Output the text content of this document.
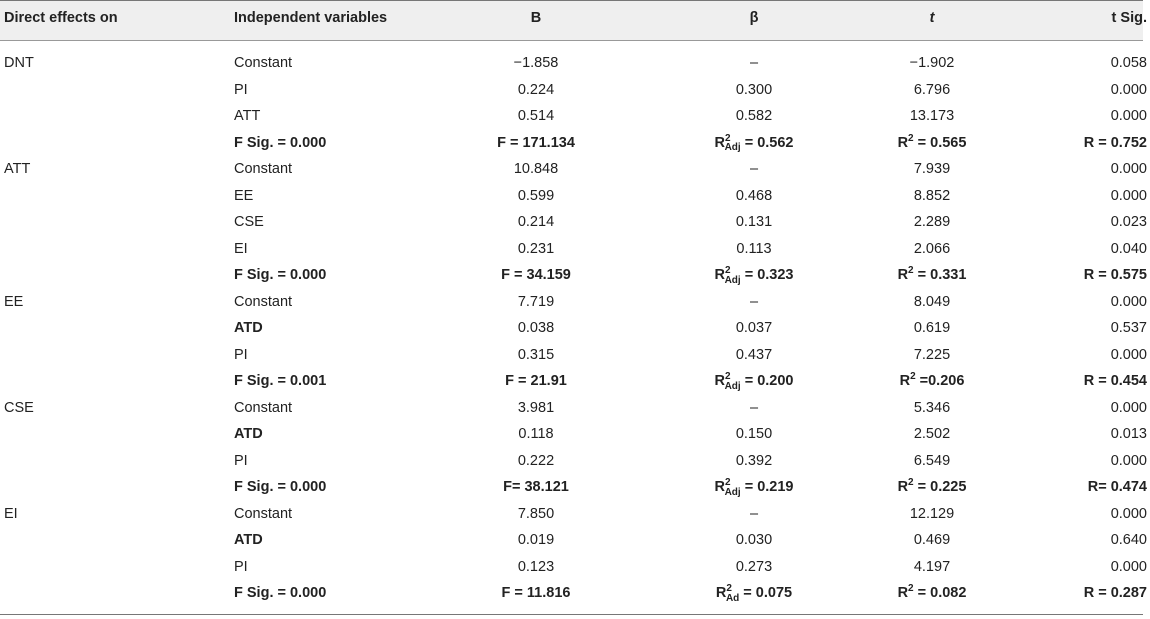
Direct effects on	Independent variables	B	β	t	t Sig.
DNT	Constant	−1.858	–	−1.902	0.058
	PI	0.224	0.300	6.796	0.000
	ATT	0.514	0.582	13.173	0.000
	F Sig. = 0.000	F = 171.134	$R^2_{Adj} = 0.562$	$R^2 = 0.565$	R = 0.752
ATT	Constant	10.848	–	7.939	0.000
	EE	0.599	0.468	8.852	0.000
	CSE	0.214	0.131	2.289	0.023
	EI	0.231	0.113	2.066	0.040
	F Sig. = 0.000	F = 34.159	$R^2_{Adj} = 0.323$	$R^2 = 0.331$	R = 0.575
EE	Constant	7.719	–	8.049	0.000
	ATD	0.038	0.037	0.619	0.537
	PI	0.315	0.437	7.225	0.000
	F Sig. = 0.001	F = 21.91	$R^2_{Adj} = 0.200$	$R^2 =0.206$	R = 0.454
CSE	Constant	3.981	–	5.346	0.000
	ATD	0.118	0.150	2.502	0.013
	PI	0.222	0.392	6.549	0.000
	F Sig. = 0.000	F= 38.121	$R^2_{Adj} = 0.219$	$R^2 = 0.225$	R= 0.474
EI	Constant	7.850	–	12.129	0.000
	ATD	0.019	0.030	0.469	0.640
	PI	0.123	0.273	4.197	0.000
	F Sig. = 0.000	F = 11.816	$R^2_{Ad} = 0.075$	$R^2 = 0.082$	R = 0.287
